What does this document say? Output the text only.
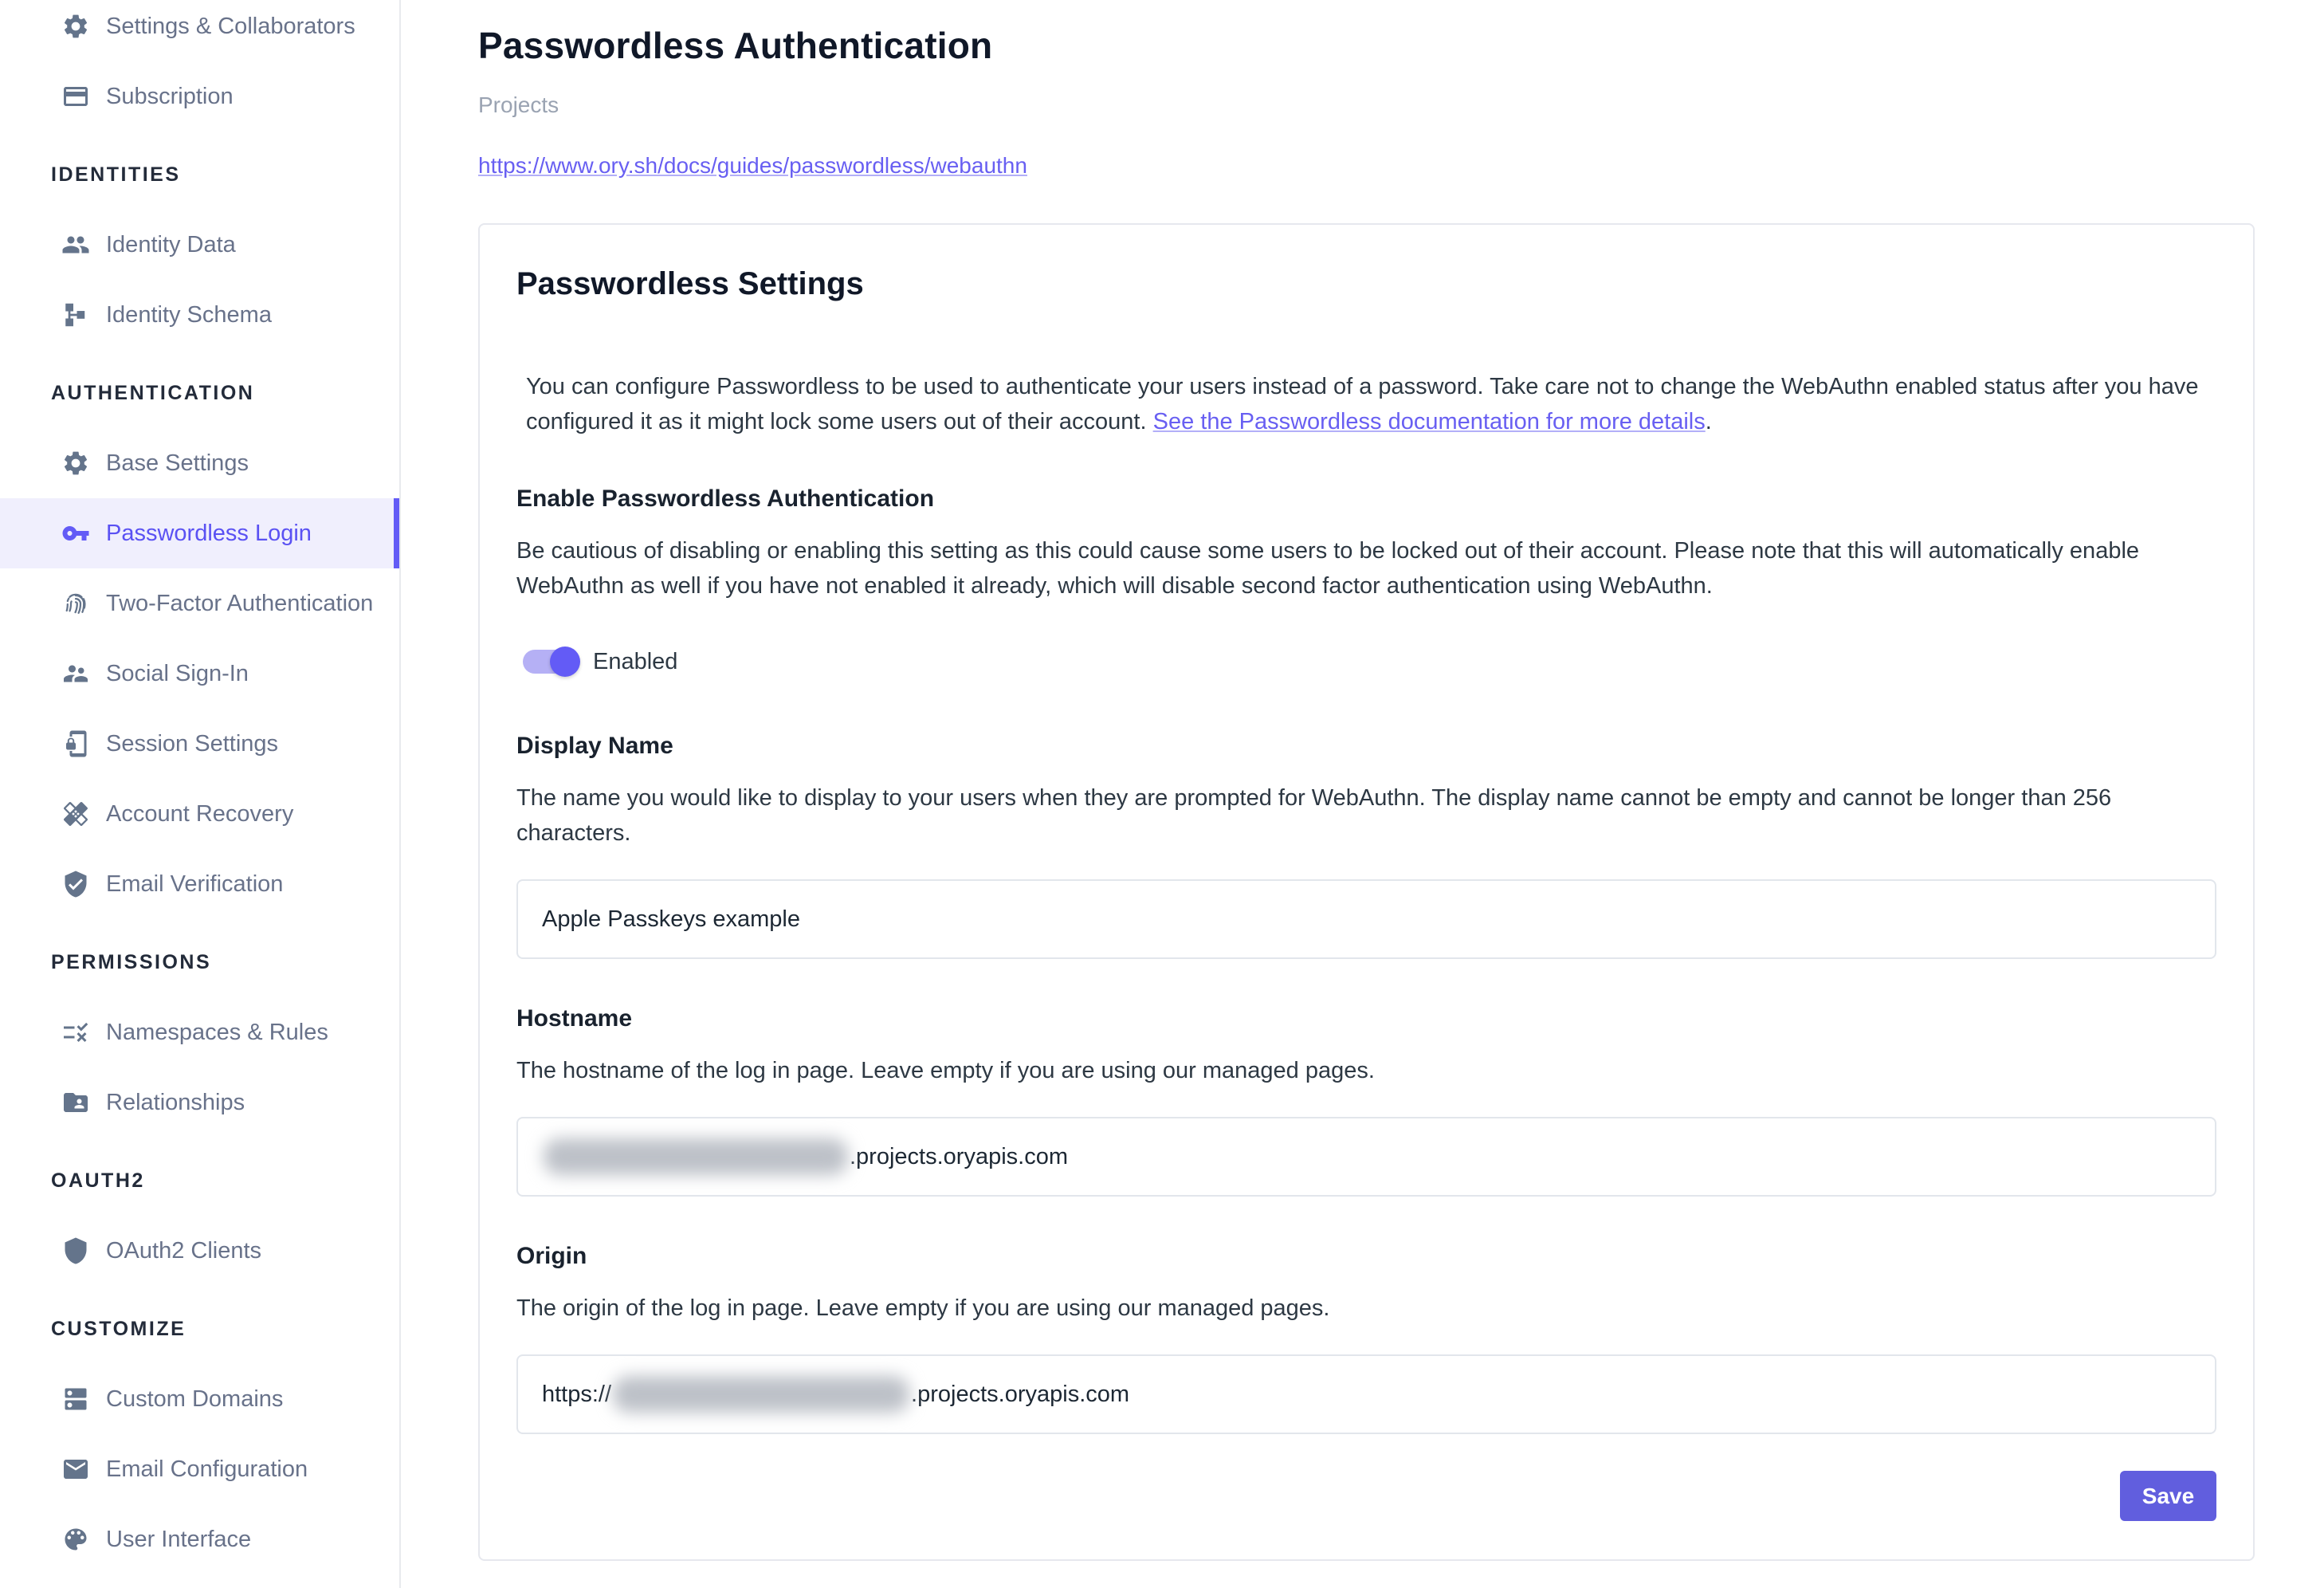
Settings & Collaborators
Subscription
IDENTITIES
Identity Data
Identity Schema
AUTHENTICATION
Base Settings
Passwordless Login
Two-Factor Authentication
Social Sign-In
Session Settings
Account Recovery
Email Verification
PERMISSIONS
Namespaces & Rules
Relationships
OAUTH2
OAuth2 Clients
CUSTOMIZE
Custom Domains
Email Configuration
User Interface
Passwordless Authentication
Projects
https://www.ory.sh/docs/guides/passwordless/webauthn
Passwordless Settings

You can configure Passwordless to be used to authenticate your users instead of a password. Take care not to change the WebAuthn enabled status after you have configured it as it might lock some users out of their account. See the Passwordless documentation for more details.

Enable Passwordless Authentication

Be cautious of disabling or enabling this setting as this could cause some users to be locked out of their account. Please note that this will automatically enable WebAuthn as well if you have not enabled it already, which will disable second factor authentication using WebAuthn.

Enabled
Display Name

The name you would like to display to your users when they are prompted for WebAuthn. The display name cannot be empty and cannot be longer than 256 characters.

Apple Passkeys example
Hostname

The hostname of the log in page. Leave empty if you are using our managed pages.

.projects.oryapis.com
Origin

The origin of the log in page. Leave empty if you are using our managed pages.

https://	.projects.oryapis.com
Save
